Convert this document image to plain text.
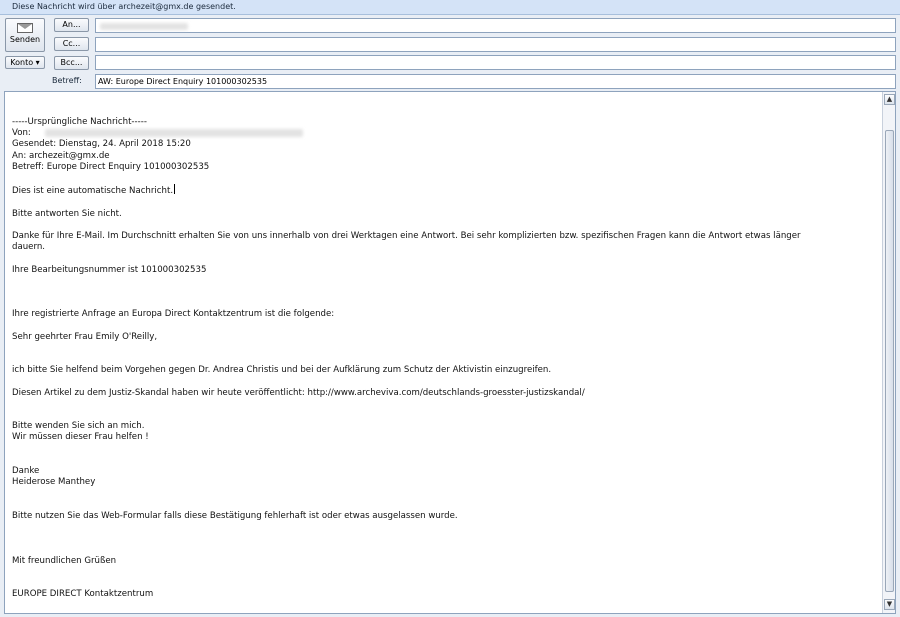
Diese Nachricht wird über archezeit@gmx.de gesendet.
Senden
An...
Cc...
Bcc...
Konto ▾
Betreff:	AW: Europe Direct Enquiry 101000302535
-----Ursprüngliche Nachricht-----
Von:
Gesendet: Dienstag, 24. April 2018 15:20
An: archezeit@gmx.de
Betreff: Europe Direct Enquiry 101000302535
Dies ist eine automatische Nachricht.
Bitte antworten Sie nicht.
Danke für Ihre E-Mail. Im Durchschnitt erhalten Sie von uns innerhalb von drei Werktagen eine Antwort. Bei sehr komplizierten bzw. spezifischen Fragen kann die Antwort etwas länger
dauern.
Ihre Bearbeitungsnummer ist 101000302535
Ihre registrierte Anfrage an Europa Direct Kontaktzentrum ist die folgende:
Sehr geehrter Frau Emily O'Reilly,
ich bitte Sie helfend beim Vorgehen gegen Dr. Andrea Christis und bei der Aufklärung zum Schutz der Aktivistin einzugreifen.
Diesen Artikel zu dem Justiz-Skandal haben wir heute veröffentlicht: http://www.archeviva.com/deutschlands-groesster-justizskandal/
Bitte wenden Sie sich an mich.
Wir müssen dieser Frau helfen !
Danke
Heiderose Manthey
Bitte nutzen Sie das Web-Formular falls diese Bestätigung fehlerhaft ist oder etwas ausgelassen wurde.
Mit freundlichen Grüßen
EUROPE DIRECT Kontaktzentrum
▲
▼
